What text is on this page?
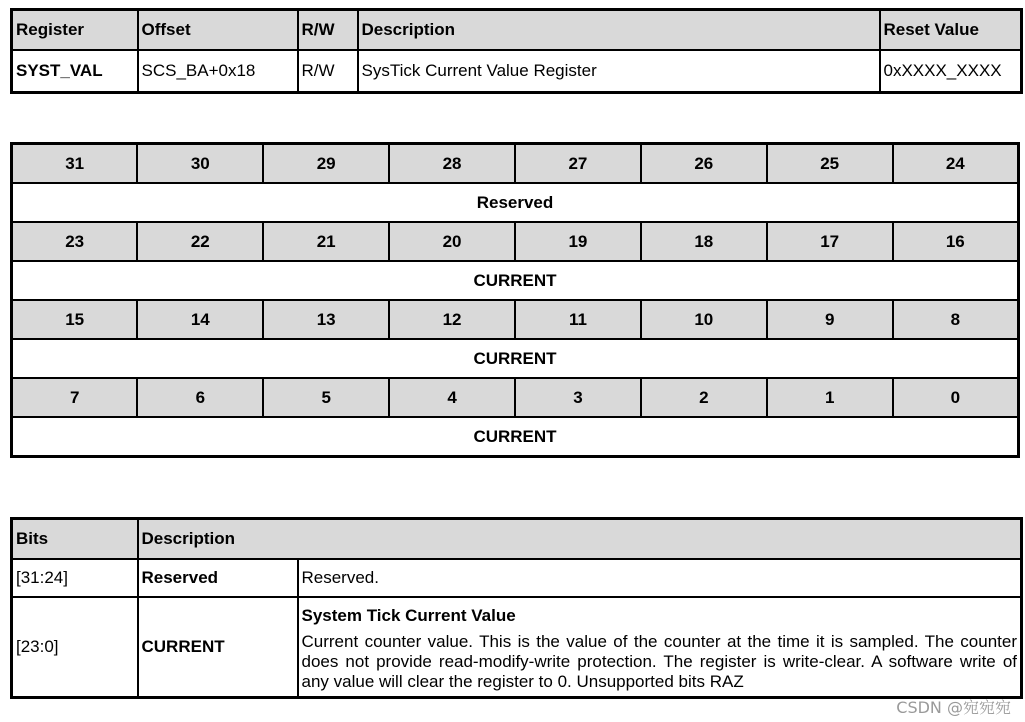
Register	Offset	R/W	Description	Reset Value
SYST_VAL	SCS_BA+0x18	R/W	SysTick Current Value Register	0xXXXX_XXXX
31	30	29	28	27	26	25	24
Reserved							
23	22	21	20	19	18	17	16
CURRENT							
15	14	13	12	11	10	9	8
CURRENT							
7	6	5	4	3	2	1	0
CURRENT							
Bits	Description	
[31:24]	Reserved	Reserved.
[23:0]	CURRENT	System Tick Current Value
Current counter value. This is the value of the counter at the time it is sampled. The counter does not provide read-modify-write protection. The register is write-clear. A software write of any value will clear the register to 0. Unsupported bits RAZ
CSDN @宛宛宛
